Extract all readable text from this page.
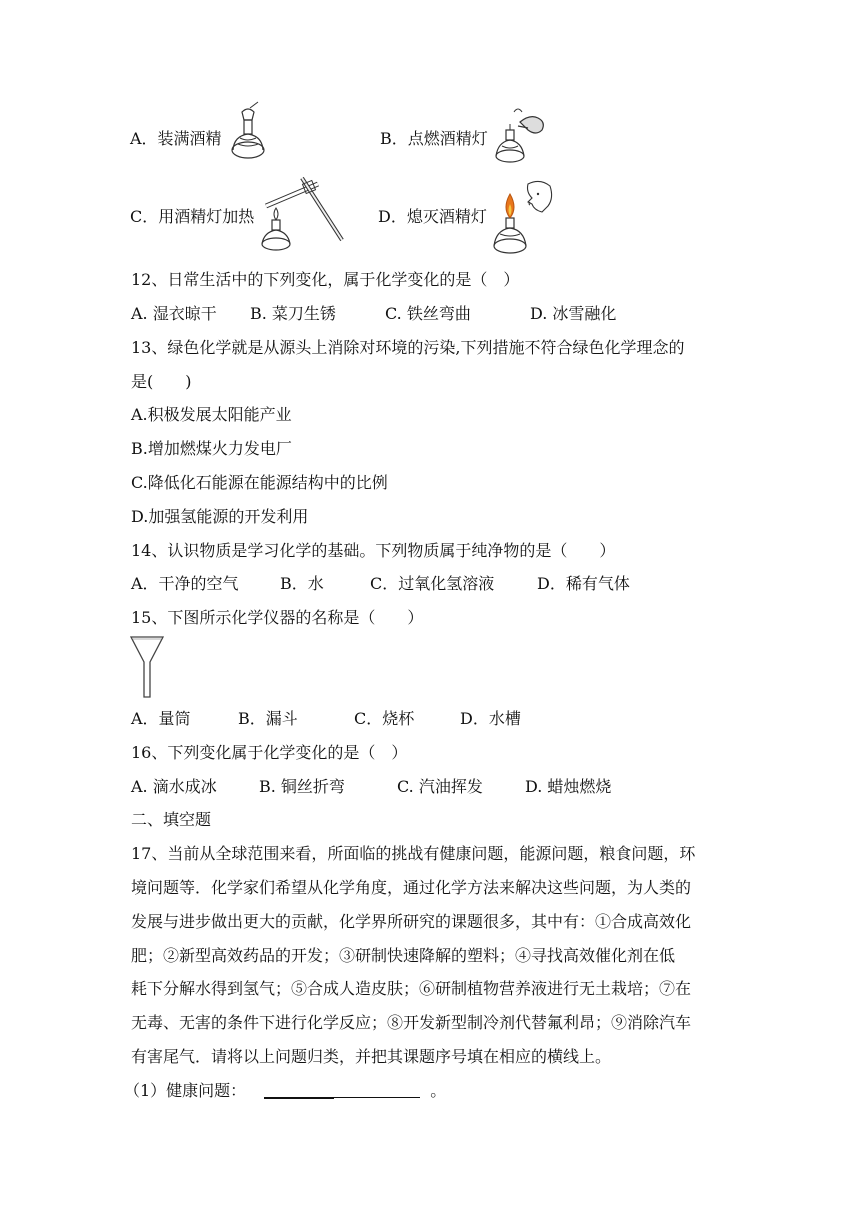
A．装满酒精	B．点燃酒精灯
C．用酒精灯加热	D．熄灭酒精灯
12、日常生活中的下列变化，属于化学变化的是（　）
A. 湿衣晾干 B. 菜刀生锈	C. 铁丝弯曲	D. 冰雪融化
13、绿色化学就是从源头上消除对环境的污染,下列措施不符合绿色化学理念的
是(　　)
A.积极发展太阳能产业
B.增加燃煤火力发电厂
C.降低化石能源在能源结构中的比例
D.加强氢能源的开发利用
14、认识物质是学习化学的基础。下列物质属于纯净物的是（　　）
A．干净的空气	B．水	C．过氧化氢溶液	D．稀有气体
15、下图所示化学仪器的名称是（　　）
A．量筒	B．漏斗	C．烧杯	D．水槽
16、下列变化属于化学变化的是（　）
A. 滴水成冰	B. 铜丝折弯	C. 汽油挥发	D. 蜡烛燃烧
二、填空题
17、当前从全球范围来看，所面临的挑战有健康问题，能源问题，粮食问题，环
境问题等．化学家们希望从化学角度，通过化学方法来解决这些问题，为人类的
发展与进步做出更大的贡献，化学界所研究的课题很多，其中有：①合成高效化
肥；②新型高效药品的开发；③研制快速降解的塑料；④寻找高效催化剂在低
耗下分解水得到氢气；⑤合成人造皮肤；⑥研制植物营养液进行无土栽培；⑦在
无毒、无害的条件下进行化学反应；⑧开发新型制冷剂代替氟利昂；⑨消除汽车
有害尾气．请将以上问题归类，并把其课题序号填在相应的横线上。
（1）健康问题：	。
